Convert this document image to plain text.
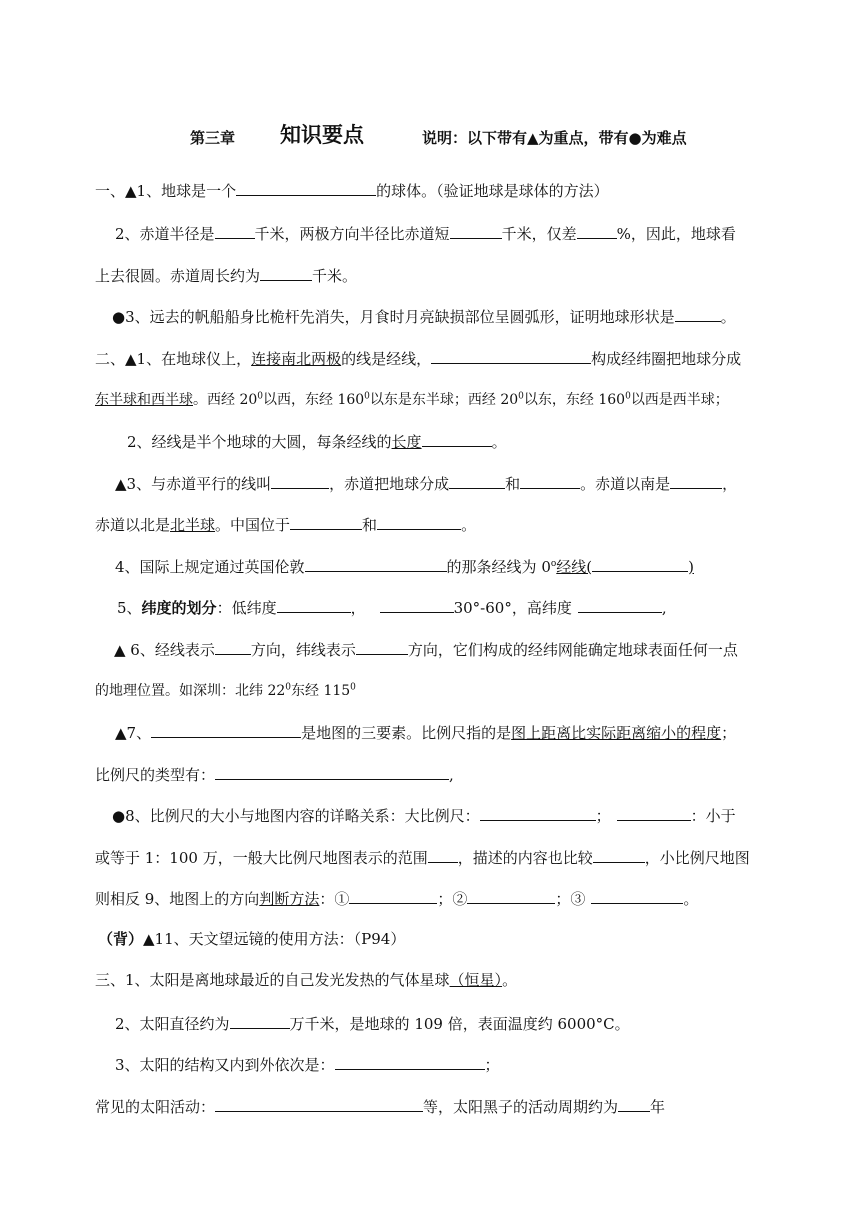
第三章 知识要点	说明：以下带有▲为重点，带有●为难点
一、▲1、地球是一个	的球体。（验证地球是球体的方法）
2、赤道半径是	千米，两极方向半径比赤道短	千米，仅差	%，因此，地球看
上去很圆。赤道周长约为	千米。
●3、远去的帆船船身比桅杆先消失，月食时月亮缺损部位呈圆弧形，证明地球形状是	。
二、▲1、在地球仪上，连接南北两极的线是经线，	构成经纬圈把地球分成
东半球和西半球。西经 $20^0$以西，东经 $160^0$以东是东半球；西经 $20^0$以东，东经 $160^0$以西是西半球；
2、经线是半个地球的大圆，每条经线的长度	。
▲3、与赤道平行的线叫	，赤道把地球分成	和	。赤道以南是	，
赤道以北是北半球。中国位于	和	。
4、国际上规定通过英国伦敦	的那条经线为 0$^o$经线(	)
5、纬度的划分：低纬度	，	30°-60°，高纬度	,
▲ 6、经线表示 方向，纬线表示	方向，它们构成的经纬网能确定地球表面任何一点
的地理位置。如深圳：北纬 $22^0$东经 $115^0$
▲7、	是地图的三要素。比例尺指的是图上距离比实际距离缩小的程度；
比例尺的类型有：	,
●8、比例尺的大小与地图内容的详略关系：大比例尺：	；	：小于
或等于 1：100 万，一般大比例尺地图表示的范围 ，描述的内容也比较	，小比例尺地图
则相反 9、地图上的方向判断方法：①	；②	；③	。
（背）▲11、天文望远镜的使用方法：（P94）
三、1、太阳是离地球最近的自己发光发热的气体星球（恒星）。
2、太阳直径约为	万千米，是地球的 109 倍，表面温度约 6000°C。
3、太阳的结构又内到外依次是：	；
常见的太阳活动：	等，太阳黑子的活动周期约为 年
